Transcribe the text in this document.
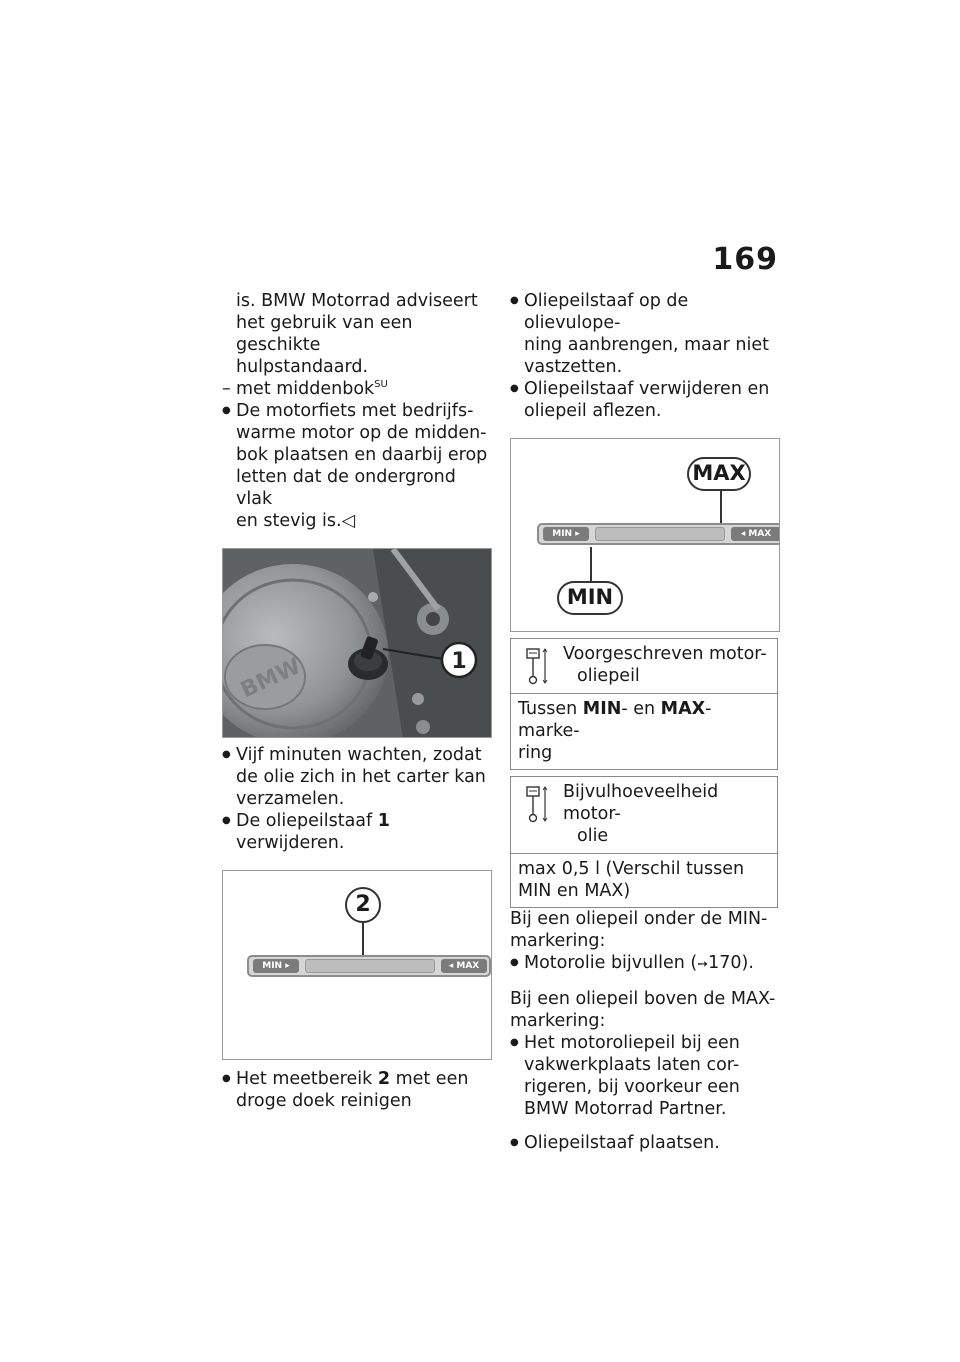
169
is. BMW Motorrad adviseert
het gebruik van een geschikte
hulpstandaard.
– met middenbok$^{SU}$
● De motorfiets met bedrijfs-
warme motor op de midden-
bok plaatsen en daarbij erop
letten dat de ondergrond vlak
en stevig is.◁
BMW	1
● Vijf minuten wachten, zodat
de olie zich in het carter kan
verzamelen.
● De oliepeilstaaf 1 verwijderen.
2
MIN ▸	◂ MAX
● Het meetbereik 2 met een
droge doek reinigen
● Oliepeilstaaf op de olievulope-
ning aanbrengen, maar niet
vastzetten.
● Oliepeilstaaf verwijderen en
oliepeil aflezen.
MAX
MIN ▸	◂ MAX
MIN
Voorgeschreven motor-
oliepeil
Tussen MIN- en MAX-marke-
ring
Bijvulhoeveelheid motor-
olie
max 0,5 l (Verschil tussen
MIN en MAX)
Bij een oliepeil onder de MIN-
markering:
● Motorolie bijvullen (➙170).
Bij een oliepeil boven de MAX-
markering:
● Het motoroliepeil bij een
vakwerkplaats laten cor-
rigeren, bij voorkeur een
BMW Motorrad Partner.
● Oliepeilstaaf plaatsen.
